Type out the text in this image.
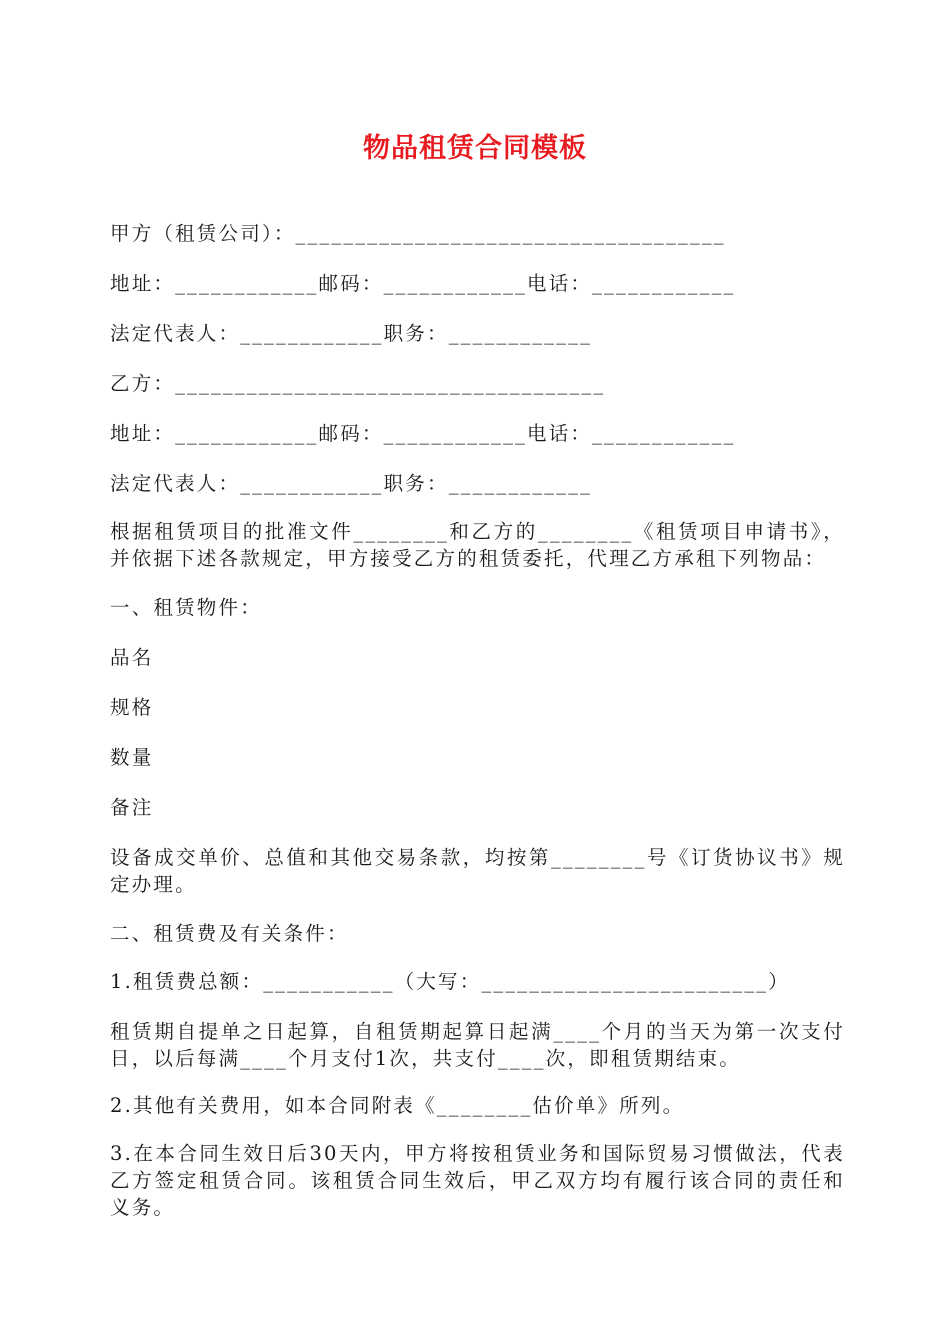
物品租赁合同模板
甲方（租赁公司）：____________________________________
地址：____________邮码：____________电话：____________
法定代表人：____________职务：____________
乙方：____________________________________
地址：____________邮码：____________电话：____________
法定代表人：____________职务：____________
根据租赁项目的批准文件________和乙方的________《租赁项目申请书》，并依据下述各款规定，甲方接受乙方的租赁委托，代理乙方承租下列物品：
一、租赁物件：
品名
规格
数量
备注
设备成交单价、总值和其他交易条款，均按第________号《订货协议书》规定办理。
二、租赁费及有关条件：
1.租赁费总额：___________（大写：________________________）
租赁期自提单之日起算，自租赁期起算日起满____个月的当天为第一次支付日，以后每满____个月支付1次，共支付____次，即租赁期结束。
2.其他有关费用，如本合同附表《________估价单》所列。
3.在本合同生效日后30天内，甲方将按租赁业务和国际贸易习惯做法，代表乙方签定租赁合同。该租赁合同生效后，甲乙双方均有履行该合同的责任和义务。
